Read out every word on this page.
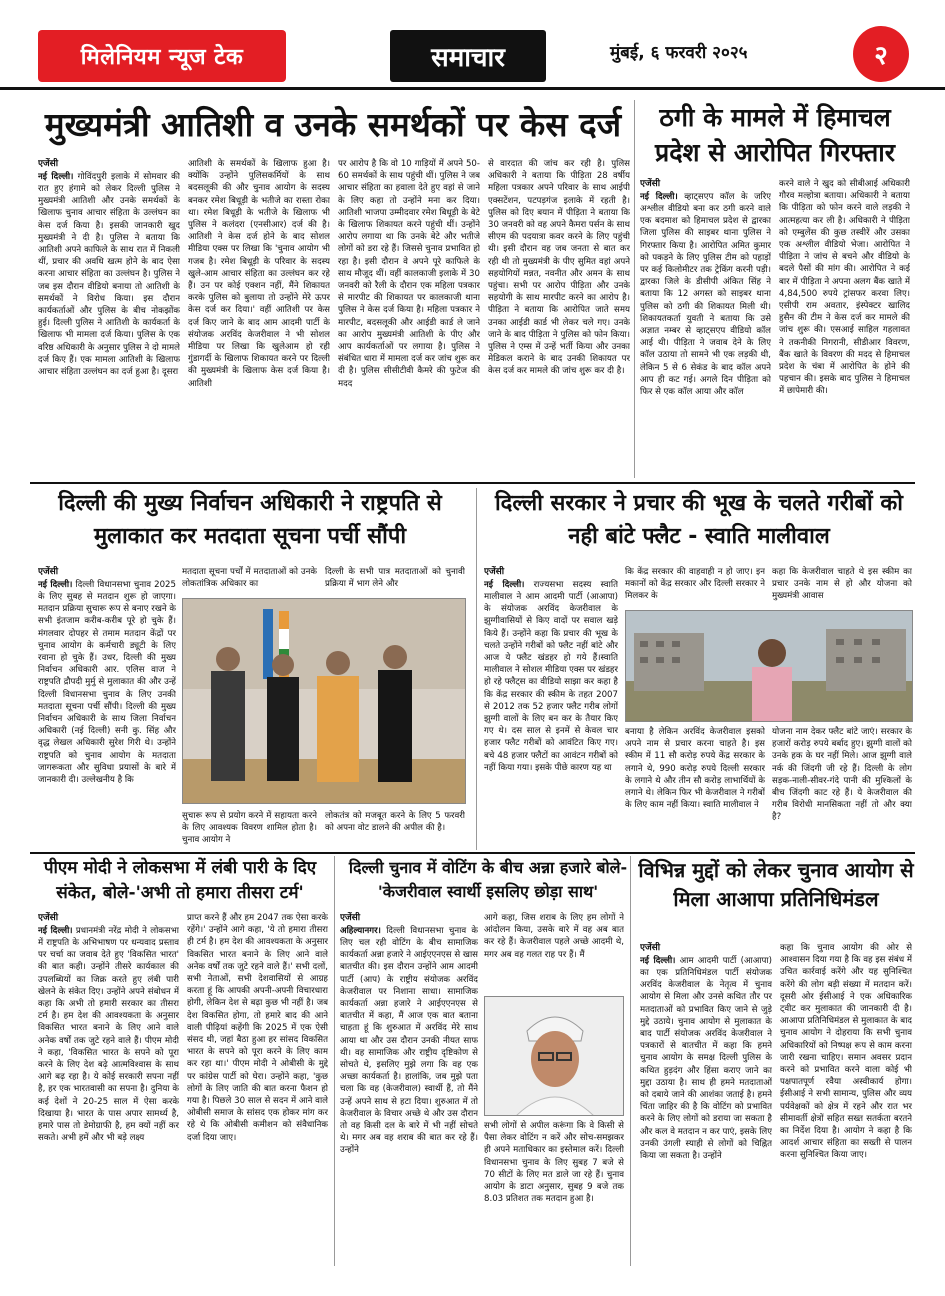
मिलेनियम न्यूज टेक	समाचार	मुंबई, ६ फरवरी २०२५	२
मुख्यमंत्री आतिशी व उनके समर्थकों पर केस दर्ज

एजेंसी
नई दिल्ली। गोविंदपुरी इलाके में सोमवार की रात हुए हंगामे को लेकर दिल्ली पुलिस ने मुख्यमंत्री आतिशी और उनके समर्थकों के खिलाफ चुनाव आचार संहिता के उल्लंघन का केस दर्ज किया है। इसकी जानकारी खुद मुख्यमंत्री ने दी है। पुलिस ने बताया कि आतिशी अपने काफिले के साथ रात में निकली थीं, प्रचार की अवधि खत्म होने के बाद ऐसा करना आचार संहिता का उल्लंघन है। पुलिस ने जब इस दौरान वीडियो बनाया तो आतिशी के समर्थकों ने विरोध किया। इस दौरान कार्यकर्ताओं और पुलिस के बीच नोकझोंक हुई। दिल्ली पुलिस ने आतिशी के कार्यकर्ता के खिलाफ भी मामला दर्ज किया। पुलिस के एक वरिष्ठ अधिकारी के अनुसार पुलिस ने दो मामले दर्ज किए हैं। एक मामला आतिशी के खिलाफ आचार संहिता उल्लंघन का दर्ज हुआ है। दूसरा

आतिशी के समर्थकों के खिलाफ हुआ है। क्योंकि उन्होंने पुलिसकर्मियों के साथ बदसलूकी की और चुनाव आयोग के सदस्य बनकर रमेश बिधूड़ी के भतीजे का रास्ता रोका था। रमेश बिधूड़ी के भतीजे के खिलाफ भी पुलिस ने कलंदरा (एनसीआर) दर्ज की है। आतिशी ने केस दर्ज होने के बाद सोशल मीडिया एक्स पर लिखा कि 'चुनाव आयोग भी गजब है। रमेश बिधूड़ी के परिवार के सदस्य खुले-आम आचार संहिता का उल्लंघन कर रहे हैं। उन पर कोई एक्शन नहीं, मैंने शिकायत करके पुलिस को बुलाया तो उन्होंने मेरे ऊपर केस दर्ज कर दिया।' वहीं आतिशी पर केस दर्ज किए जाने के बाद आम आदमी पार्टी के संयोजक अरविंद केजरीवाल ने भी सोशल मीडिया पर लिखा कि खुलेआम हो रही गुंडागर्दी के खिलाफ शिकायत करने पर दिल्ली की मुख्यमंत्री के खिलाफ केस दर्ज किया है। आतिशी
पर आरोप है कि वो 10 गाड़ियों में अपने 50-60 समर्थकों के साथ पहुंची थीं। पुलिस ने जब आचार संहिता का हवाला देते हुए वहां से जाने के लिए कहा तो उन्होंने मना कर दिया। आतिशी भाजपा उम्मीदवार रमेश बिधूड़ी के बेटे के खिलाफ शिकायत करने पहुंची थीं। उन्होंने आरोप लगाया था कि उनके बेटे और भतीजे लोगों को डरा रहे हैं। जिससे चुनाव प्रभावित हो रहा है। इसी दौरान वे अपने पूरे काफिले के साथ मौजूद थीं। वहीं कालकाजी इलाके में 30 जनवरी को रैली के दौरान एक महिला पत्रकार से मारपीट की शिकायत पर कालकाजी थाना पुलिस ने केस दर्ज किया है। महिला पत्रकार ने मारपीट, बदसलूकी और आईडी कार्ड ले जाने का आरोप मुख्यमंत्री आतिशी के पीए और आप कार्यकर्ताओं पर लगाया है। पुलिस ने संबंधित धारा में मामला दर्ज कर जांच शुरू कर दी है। पुलिस सीसीटीवी कैमरे की फुटेज की मदद
से वारदात की जांच कर रही है। पुलिस अधिकारी ने बताया कि पीड़िता 28 वर्षीय महिला पत्रकार अपने परिवार के साथ आईपी एक्सटेंशन, पटपड़गंज इलाके में रहती है। पुलिस को दिए बयान में पीड़िता ने बताया कि 30 जनवरी को वह अपने कैमरा पर्सन के साथ सीएम की पदयात्रा कवर करने के लिए पहुंची थी। इसी दौरान वह जब जनता से बात कर रही थी तो मुख्यमंत्री के पीए सुमित वहां अपने सहयोगियों मन्नत, नवनीत और अमन के साथ पहुंचा। सभी पर आरोप पीड़िता और उनके सहयोगी के साथ मारपीट करने का आरोप है। पीड़िता ने बताया कि आरोपित जाते समय उनका आईडी कार्ड भी लेकर चले गए। उनके जाने के बाद पीड़िता ने पुलिस को फोन किया। पुलिस ने एम्स में उन्हें भर्ती किया और उनका मेडिकल कराने के बाद उनकी शिकायत पर केस दर्ज कर मामले की जांच शुरू कर दी है।
ठगी के मामले में हिमाचल प्रदेश से आरोपित गिरफ्तार

एजेंसी
नई दिल्ली। व्हाट्सएप कॉल के जरिए अश्लील वीडियो बना कर ठगी करने वाले एक बदमाश को हिमाचल प्रदेश से द्वारका जिला पुलिस की साइबर थाना पुलिस ने गिरफ्तार किया है। आरोपित अमित कुमार को पकड़ने के लिए पुलिस टीम को पहाड़ों पर कई किलोमीटर तक ट्रेकिंग करनी पड़ी।द्वारका जिले के डीसीपी अंकित सिंह ने बताया कि 12 अगस्त को साइबर थाना पुलिस को ठगी की शिकायत मिली थी। शिकायतकर्ता युवती ने बताया कि उसे अज्ञात नम्बर से व्हाट्सएप वीडियो कॉल आई थी। पीड़िता ने जवाब देने के लिए कॉल उठाया तो सामने भी एक लड़की थी, लेकिन 5 से 6 सेकंड के बाद कॉल अपने आप ही कट गई। अगले दिन पीड़िता को फिर से एक कॉल आया और कॉल

करने वाले ने खुद को सीबीआई अधिकारी गौरव मल्होत्रा बताया। अधिकारी ने बताया कि पीड़िता को फोन करने वाले लड़की ने आत्महत्या कर ली है। अधिकारी ने पीड़िता को एम्बुलेंस की कुछ तस्वीरें और उसका एक अश्लील वीडियो भेजा। आरोपित ने पीड़िता ने जांच से बचने और वीडियो के बदले पैसों की मांग की। आरोपित ने कई बार में पीड़िता ने अपना अलग बैंक खाते में 4,84,500 रुपये ट्रांसफर करवा लिए। एसीपी राम अवतार, इंस्पेक्टर खालिद हुसैन की टीम ने केस दर्ज कर मामले की जांच शुरू की। एसआई साहिल गहलावत ने तकनीकी निगरानी, सीडीआर विवरण, बैंक खाते के विवरण की मदद से हिमाचल प्रदेश के चंबा में आरोपित के होने की पहचान की। इसके बाद पुलिस ने हिमाचल में छापेमारी की।
दिल्ली की मुख्य निर्वाचन अधिकारी ने राष्ट्रपति से मुलाकात कर मतदाता सूचना पर्ची सौंपी

एजेंसी
नई दिल्ली। दिल्ली विधानसभा चुनाव 2025 के लिए सुबह से मतदान शुरू हो जाएगा। मतदान प्रक्रिया सुचारू रूप से बनाए रखने के सभी इंतजाम करीब-करीब पूरे हो चुके हैं। मंगलवार दोपहर से तमाम मतदान केंद्रों पर चुनाव आयोग के कर्मचारी ड्यूटी के लिए रवाना हो चुके हैं। उधर, दिल्ली की मुख्य निर्वाचन अधिकारी आर. एलिस वाज ने राष्ट्रपति द्रौपदी मुर्मु से मुलाकात की और उन्हें दिल्ली विधानसभा चुनाव के लिए उनकी मतदाता सूचना पर्ची सौंपी। दिल्ली की मुख्य निर्वाचन अधिकारी के साथ जिला निर्वाचन अधिकारी (नई दिल्ली) सनी कु. सिंह और वृद्ध लेखल अधिकारी सुरेश गिरी थे। उन्होंने राष्ट्रपति को चुनाव आयोग के मतदाता जागरूकता और सुविधा प्रयासों के बारे में जानकारी दी। उल्लेखनीय है कि

मतदाता सूचना पर्चों में मतदाताओं को उनके लोकतांत्रिक अधिकार का
दिल्ली के सभी पात्र मतदाताओं को चुनावी प्रक्रिया में भाग लेने और
सुचारू रूप से प्रयोग करने में सहायता करने के लिए आवश्यक विवरण शामिल होता है। चुनाव आयोग ने
लोकतंत्र को मजबूत करने के लिए 5 फरवरी को अपना वोट डालने की अपील की है।
दिल्ली सरकार ने प्रचार की भूख के चलते गरीबों को नही बांटे फ्लैट - स्वाति मालीवाल

एजेंसी
नई दिल्ली। राज्यसभा सदस्य स्वाति मालीवाल ने आम आदमी पार्टी (आआपा) के संयोजक अरविंद केजरीवाल के झुग्गीवासियों से किए वादों पर सवाल खड़े किये हैं। उन्होंने कहा कि प्रचार की भूख के चलते उन्होंने गरीबों को फ्लैट नहीं बांटे और आज ये फ्लैट खंडहर हो गये हैं।स्वाति मालीवाल ने सोशल मीडिया एक्स पर खंडहर हो रहे फ्लैट्स का वीडियो साझा कर कहा है कि केंद्र सरकार की स्कीम के तहत 2007 से 2012 तक 52 हजार फ्लैट गरीब लोगों झुग्गी वालों के लिए बन कर के तैयार किए गए थे। दस साल से इनमें से केवल चार हजार फ्लैट गरीबों को आवंटित किए गए। बचे 48 हजार फ्लैटों का आवंटन गरीबों को नहीं किया गया। इसके पीछे कारण यह था

कि केंद्र सरकार की वाहवाही न हो जाए। इन मकानों को केंद्र सरकार और दिल्ली सरकार ने मिलकर के
कहा कि केजरीवाल चाहते थे इस स्कीम का प्रचार उनके नाम से हो और योजना को मुख्यमंत्री आवास
बनाया है लेकिन अरविंद केजरीवाल इसको अपने नाम से प्रचार करना चाहते है। इस स्कीम में 11 सौ करोड़ रुपये केंद्र सरकार के लगाने थे, 990 करोड़ रुपये दिल्ली सरकार के लगाने थे और तीन सौ करोड़ लाभार्थियों के लगाने थे। लेकिन फिर भी केजरीवाल ने गरीबों के लिए काम नहीं किया। स्वाति मालीवाल ने
योजना नाम देकर फ्लैट बांटे जाएं। सरकार के हजारों करोड़ रुपये बर्बाद हुए। झुग्गी वालों को उनके हक के घर नहीं मिले। आज झुग्गी वाले नर्क की जिंदगी जी रहे हैं। दिल्ली के लोग सड़क-नाली-सीवर-गंदे पानी की मुश्किलों के बीच जिंदगी काट रहे हैं। ये केजरीवाल की गरीब विरोधी मानसिकता नहीं तो और क्या है?
पीएम मोदी ने लोकसभा में लंबी पारी के दिए संकेत, बोले-'अभी तो हमारा तीसरा टर्म'

एजेंसी
नई दिल्ली। प्रधानमंत्री नरेंद्र मोदी ने लोकसभा में राष्ट्रपति के अभिभाषण पर धन्यवाद प्रस्ताव पर चर्चा का जवाब देते हुए 'विकसित भारत' की बात कही। उन्होंने तीसरे कार्यकाल की उपलब्धियों का जिक्र करते हुए लंबी पारी खेलने के संकेत दिए। उन्होंने अपने संबोधन में कहा कि अभी तो हमारी सरकार का तीसरा टर्म है। हम देश की आवश्यकता के अनुसार विकसित भारत बनाने के लिए आने वाले अनेक वर्षों तक जुटे रहने वाले हैं। पीएम मोदी ने कहा, 'विकसित भारत के सपने को पूरा करने के लिए देश बढ़े आत्मविश्वास के साथ आगे बढ़ रहा है। ये कोई सरकारी सपना नहीं है, हर एक भारतवासी का सपना है। दुनिया के कई देशों ने 20-25 साल में ऐसा करके दिखाया है। भारत के पास अपार सामर्थ्य है, हमारे पास तो डेमोग्राफी है, हम क्यों नहीं कर सकते। अभी हमें और भी बड़े लक्ष्य

प्राप्त करने हैं और हम 2047 तक ऐसा करके रहेंगे।' उन्होंने आगे कहा, 'ये तो हमारा तीसरा ही टर्म है। हम देश की आवश्यकता के अनुसार विकसित भारत बनाने के लिए आने वाले अनेक वर्षों तक जुटे रहने वाले हैं।' सभी दलों, सभी नेताओं, सभी देशवासियों से आग्रह करता हूं कि आपकी अपनी-अपनी विचारधारा होगी, लेकिन देश से बढ़ा कुछ भी नहीं है। जब देश विकसित होगा, तो हमारे बाद की आने वाली पीढ़ियां कहेंगी कि 2025 में एक ऐसी संसद थी, जहां बैठा हुआ हर सांसद विकसित भारत के सपने को पूरा करने के लिए काम कर रहा था।' पीएम मोदी ने ओबीसी के मुद्दे पर कांग्रेस पार्टी को घेरा। उन्होंने कहा, 'कुछ लोगों के लिए जाति की बात करना फैशन हो गया है। पिछले 30 साल से सदन में आने वाले ओबीसी समाज के सांसद एक होकर मांग कर रहे थे कि ओबीसी कमीशन को संवैधानिक दर्जा दिया जाए।
दिल्ली चुनाव में वोटिंग के बीच अन्ना हजारे बोले- 'केजरीवाल स्वार्थी इसलिए छोड़ा साथ'

एजेंसी
अहिल्यानगर। दिल्ली विधानसभा चुनाव के लिए चल रही वोटिंग के बीच सामाजिक कार्यकर्ता अन्ना हजारे ने आईएएनएस से खास बातचीत की। इस दौरान उन्होंने आम आदमी पार्टी (आप) के राष्ट्रीय संयोजक अरविंद केजरीवाल पर निशाना साधा। सामाजिक कार्यकर्ता अन्ना हजारे ने आईएएनएस से बातचीत में कहा, मैं आज एक बात बताना चाहता हूं कि शुरुआत में अरविंद मेरे साथ आया था और उस दौरान उनकी नीयत साफ थी। वह सामाजिक और राष्ट्रीय दृष्टिकोण से सोचते थे, इसलिए मुझे लगा कि वह एक अच्छा कार्यकर्ता है। हालांकि, जब मुझे पता चला कि वह (केजरीवाल) स्वार्थी हैं, तो मैंने उन्हें अपने साथ से हटा दिया। शुरुआत में तो केजरीवाल के विचार अच्छे थे और उस दौरान तो वह किसी दल के बारे में भी नहीं सोचते थे। मगर अब वह शराब की बात कर रहे हैं। उन्होंने

आगे कहा, जिस शराब के लिए हम लोगों ने आंदोलन किया, उसके बारे में वह अब बात कर रहे हैं। केजरीवाल पहले अच्छे आदमी थे, मगर अब वह गलत राह पर हैं। मैं
सभी लोगों से अपील करूंगा कि वे किसी से पैसा लेकर वोटिंग न करें और सोच-समझकर ही अपने मताधिकार का इस्तेमाल करें। दिल्ली विधानसभा चुनाव के लिए सुबह 7 बजे से 70 सीटों के लिए मत डाले जा रहे हैं। चुनाव आयोग के डाटा अनुसार, सुबह 9 बजे तक 8.03 प्रतिशत तक मतदान हुआ है।
विभिन्न मुद्दों को लेकर चुनाव आयोग से मिला आआपा प्रतिनिधिमंडल

एजेंसी
नई दिल्ली। आम आदमी पार्टी (आआपा) का एक प्रतिनिधिमंडल पार्टी संयोजक अरविंद केजरीवाल के नेतृत्व में चुनाव आयोग से मिला और उनसे कथित तौर पर मतदाताओं को प्रभावित किए जाने से जुड़े मुद्दे उठाये। चुनाव आयोग से मुलाकात के बाद पार्टी संयोजक अरविंद केजरीवाल ने पत्रकारों से बातचीत में कहा कि हमने चुनाव आयोग के समक्ष दिल्ली पुलिस के कथित हुड़दंग और हिंसा कराए जाने का मुद्दा उठाया है। साथ ही हमने मतदाताओं को दबाये जाने की आशंका जताई है। हमने चिंता जाहिर की है कि वोटिंग को प्रभावित करने के लिए लोगों को डराया जा सकता है और कल वे मतदान न कर पाएं, इसके लिए उनकी उंगली स्याही से लोगों को चिह्नित किया जा सकता है। उन्होंने

कहा कि चुनाव आयोग की ओर से आश्वासन दिया गया है कि वह इस संबंध में उचित कार्रवाई करेंगे और यह सुनिश्चित करेंगे की लोग बड़ी संख्या में मतदान करें। दूसरी ओर ईसीआई ने एक अधिकारिक ट्वीट कर मुलाकात की जानकारी दी है। आआपा प्रतिनिधिमंडल से मुलाकात के बाद चुनाव आयोग ने दोहराया कि सभी चुनाव अधिकारियों को निष्पक्ष रूप से काम करना जारी रखना चाहिए। समान अवसर प्रदान करने को प्रभावित करने वाला कोई भी पक्षपातपूर्ण रवैया अस्वीकार्य होगा। ईसीआई ने सभी सामान्य, पुलिस और व्यय पर्यवेक्षकों को क्षेत्र में रहने और रात भर सीमावर्ती क्षेत्रों सहित सख्त सतर्कता बरतने का निर्देश दिया है। आयोग ने कहा है कि आदर्श आचार संहिता का सख्ती से पालन करना सुनिश्चित किया जाए।
